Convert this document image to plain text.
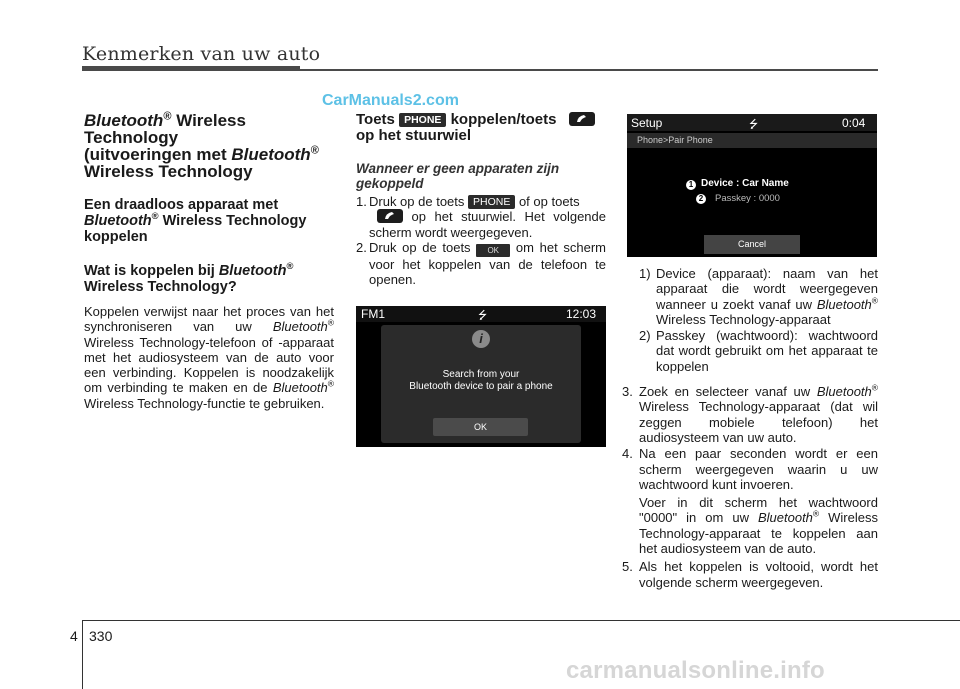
Kenmerken van uw auto
CarManuals2.com
Bluetooth® Wireless Technology
(uitvoeringen met Bluetooth®
Wireless Technology
Een draadloos apparaat met
Bluetooth® Wireless Technology
koppelen
Wat is koppelen bij Bluetooth®
Wireless Technology?

Koppelen verwijst naar het proces van het synchroniseren van uw Bluetooth® Wireless Technology-telefoon of -apparaat met het audiosysteem van de auto voor een verbinding. Koppelen is noodzakelijk om verbinding te maken en de Bluetooth® Wireless Technology-functie te gebruiken.

Toets PHONE koppelen/toets
op het stuurwiel

Wanneer er geen apparaten zijn gekoppeld

1. Druk op de toets PHONE of op toets
op het stuurwiel. Het volgende scherm wordt weergegeven.

2. Druk op de toets OK om het scherm voor het koppelen van de telefoon te openen.

FM1	⭍	12:03
i
Search from your
Bluetooth device to pair a phone
OK
Setup	⭍	0:04
Phone>Pair Phone
1 Device : Car Name
2 Passkey : 0000
Cancel

1) Device (apparaat): naam van het apparaat die wordt weergegeven wanneer u zoekt vanaf uw Bluetooth® Wireless Technology-apparaat

2) Passkey (wachtwoord): wachtwoord dat wordt gebruikt om het apparaat te koppelen

3. Zoek en selecteer vanaf uw Bluetooth® Wireless Technology-apparaat (dat wil zeggen mobiele telefoon) het audiosysteem van uw auto.

4. Na een paar seconden wordt er een scherm weergegeven waarin u uw wachtwoord kunt invoeren.

Voer in dit scherm het wachtwoord "0000" in om uw Bluetooth® Wireless Technology-apparaat te koppelen aan het audiosysteem van de auto.

5. Als het koppelen is voltooid, wordt het volgende scherm weergegeven.

4 330
carmanualsonline.info
